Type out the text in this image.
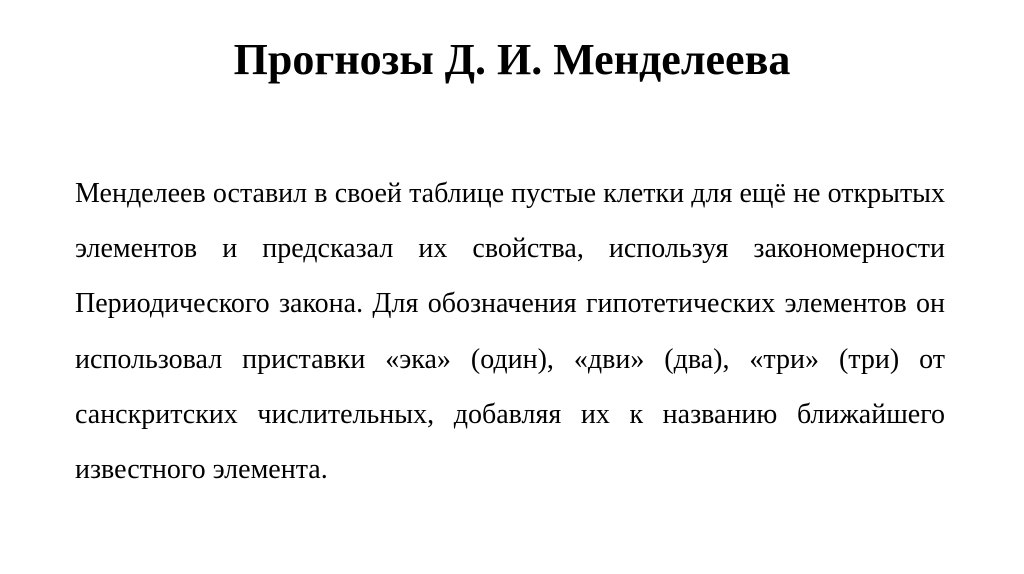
Прогнозы Д. И. Менделеева

Менделеев оставил в своей таблице пустые клетки для ещё не открытых элементов и предсказал их свойства, используя закономерности Периодического закона. Для обозначения гипотетических элементов он использовал приставки «эка» (один), «дви» (два), «три» (три) от санскритских числительных, добавляя их к названию ближайшего известного элемента.
